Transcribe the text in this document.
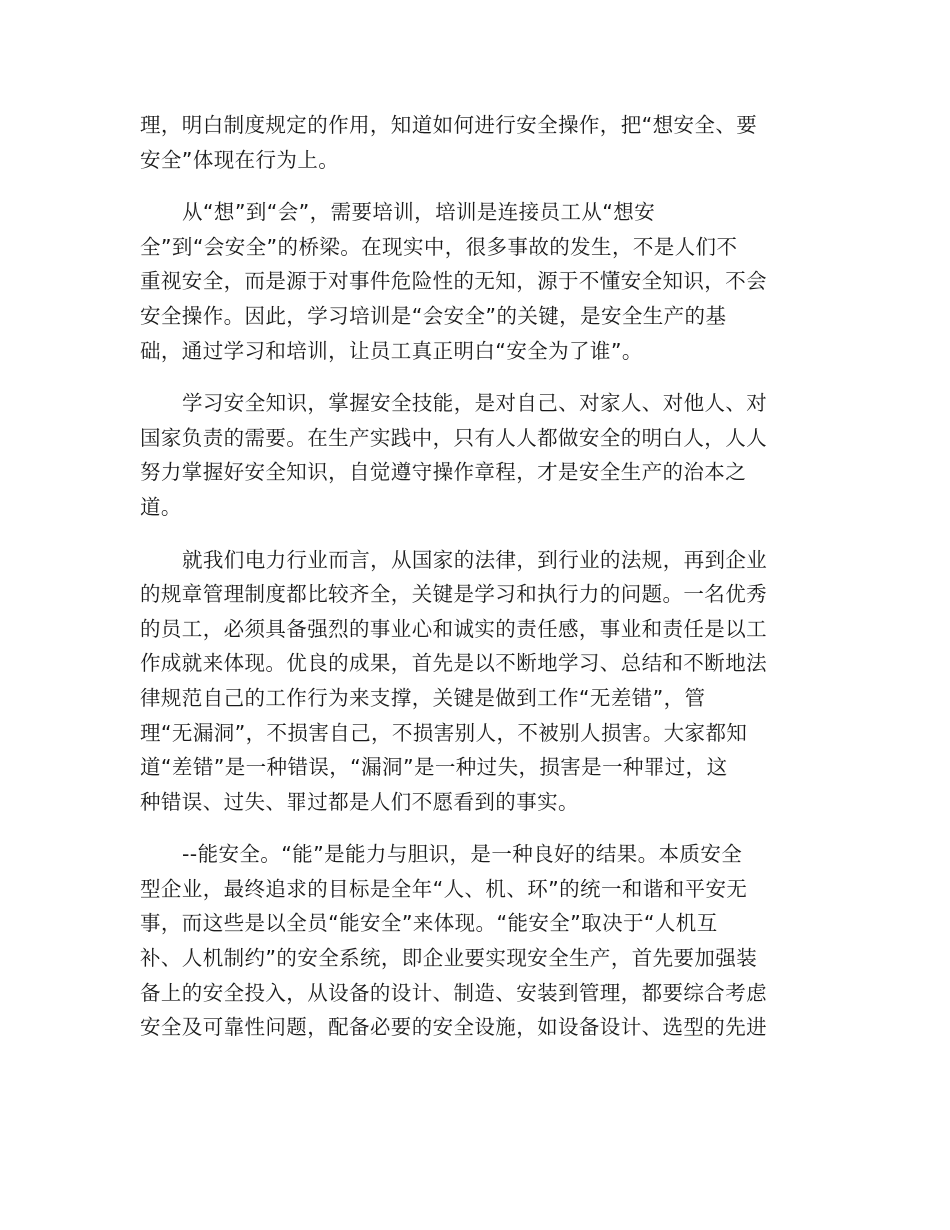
理，明白制度规定的作用，知道如何进行安全操作，把“想安全、要
安全”体现在行为上。
从“想”到“会”，需要培训，培训是连接员工从“想安
全”到“会安全”的桥梁。在现实中，很多事故的发生，不是人们不
重视安全，而是源于对事件危险性的无知，源于不懂安全知识，不会
安全操作。因此，学习培训是“会安全”的关键，是安全生产的基
础，通过学习和培训，让员工真正明白“安全为了谁”。
学习安全知识，掌握安全技能，是对自己、对家人、对他人、对
国家负责的需要。在生产实践中，只有人人都做安全的明白人，人人
努力掌握好安全知识，自觉遵守操作章程，才是安全生产的治本之
道。
就我们电力行业而言，从国家的法律，到行业的法规，再到企业
的规章管理制度都比较齐全，关键是学习和执行力的问题。一名优秀
的员工，必须具备强烈的事业心和诚实的责任感，事业和责任是以工
作成就来体现。优良的成果，首先是以不断地学习、总结和不断地法
律规范自己的工作行为来支撑，关键是做到工作“无差错”，管
理“无漏洞”，不损害自己，不损害别人，不被别人损害。大家都知
道“差错”是一种错误，“漏洞”是一种过失，损害是一种罪过，这
种错误、过失、罪过都是人们不愿看到的事实。
--能安全。“能”是能力与胆识，是一种良好的结果。本质安全
型企业，最终追求的目标是全年“人、机、环”的统一和谐和平安无
事，而这些是以全员“能安全”来体现。“能安全”取决于“人机互
补、人机制约”的安全系统，即企业要实现安全生产，首先要加强装
备上的安全投入，从设备的设计、制造、安装到管理，都要综合考虑
安全及可靠性问题，配备必要的安全设施，如设备设计、选型的先进
